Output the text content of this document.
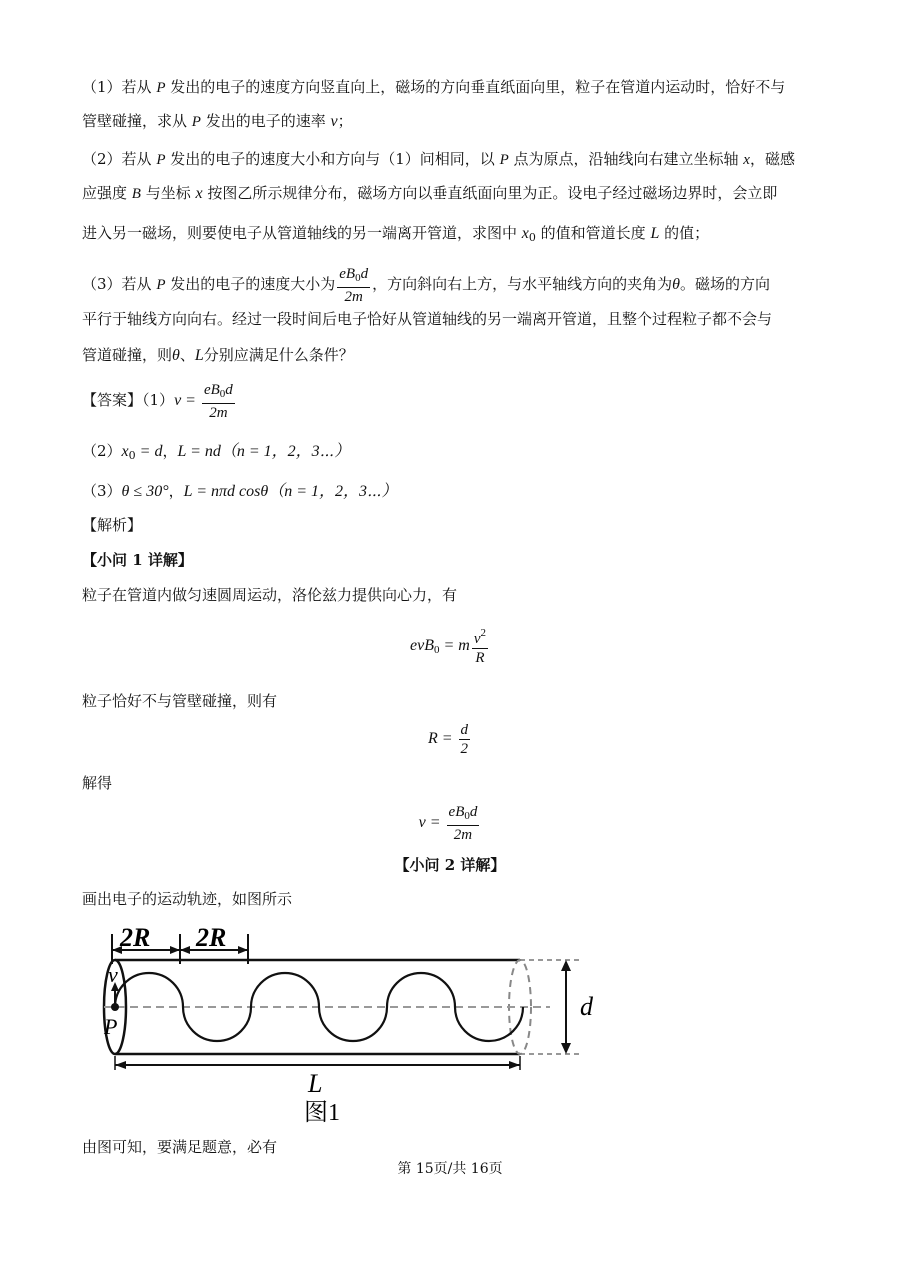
（1）若从 P 发出的电子的速度方向竖直向上，磁场的方向垂直纸面向里，粒子在管道内运动时，恰好不与
管壁碰撞，求从 P 发出的电子的速率 v；
（2）若从 P 发出的电子的速度大小和方向与（1）问相同，以 P 点为原点，沿轴线向右建立坐标轴 x，磁感
应强度 B 与坐标 x 按图乙所示规律分布，磁场方向以垂直纸面向里为正。设电子经过磁场边界时，会立即
进入另一磁场，则要使电子从管道轴线的另一端离开管道，求图中 $x_0$ 的值和管道长度 L 的值；
（3）若从 P 发出的电子的速度大小为 $\frac{eB_0d}{2m}$ ，方向斜向右上方，与水平轴线方向的夹角为θ。磁场的方向
平行于轴线方向向右。经过一段时间后电子恰好从管道轴线的另一端离开管道，且整个过程粒子都不会与
管道碰撞，则θ、L分别应满足什么条件？
【答案】$(1)v = \frac{eB_0d}{2m}$
$(2)x_0 = d$，L = nd（n = 1，2，3⋯）
（3）θ ≤ 30°，L = nπd cosθ（n = 1，2，3⋯）
【解析】
【小问 1 详解】
粒子在管道内做匀速圆周运动，洛伦兹力提供向心力，有
evB$_0$ = m $\frac{v^2}{R}$
粒子恰好不与管壁碰撞，则有
$R = \frac{d}{2}$
解得
$v = \frac{eB_0d}{2m}$
【小问 2 详解】
画出电子的运动轨迹，如图所示
2R 2R
v
P
d
L
图1
由图可知，要满足题意，必有
第 15页/共 16页
